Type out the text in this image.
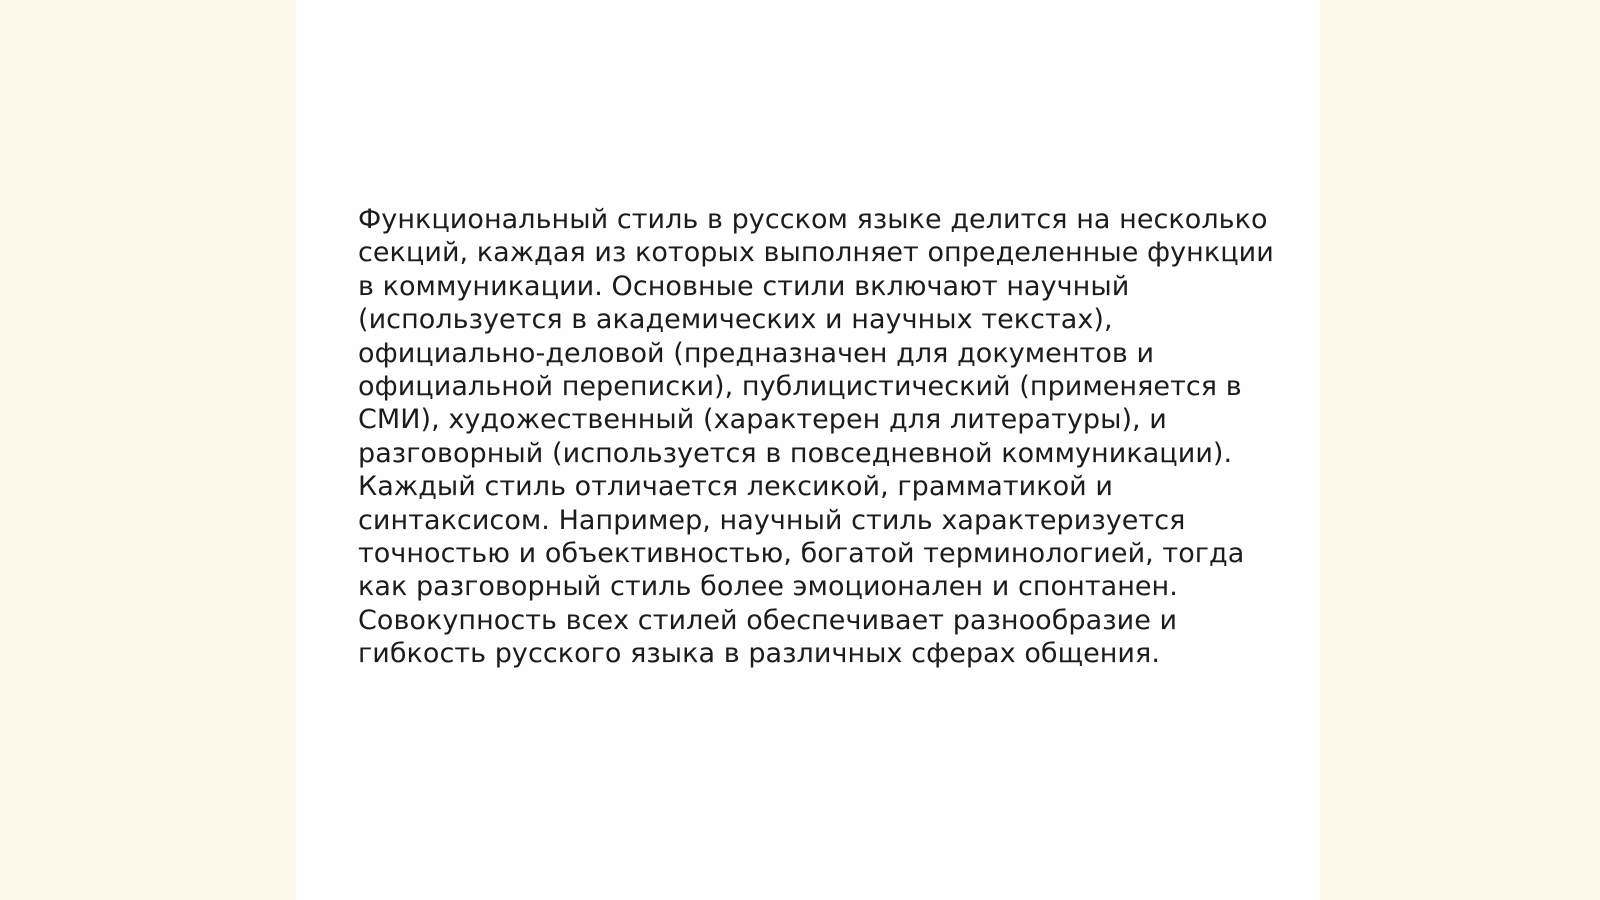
Функциональный стиль в русском языке делится на несколько
секций, каждая из которых выполняет определенные функции
в коммуникации. Основные стили включают научный
(используется в академических и научных текстах),
официально-деловой (предназначен для документов и
официальной переписки), публицистический (применяется в
СМИ), художественный (характерен для литературы), и
разговорный (используется в повседневной коммуникации).
Каждый стиль отличается лексикой, грамматикой и
синтаксисом. Например, научный стиль характеризуется
точностью и объективностью, богатой терминологией, тогда
как разговорный стиль более эмоционален и спонтанен.
Совокупность всех стилей обеспечивает разнообразие и
гибкость русского языка в различных сферах общения.
